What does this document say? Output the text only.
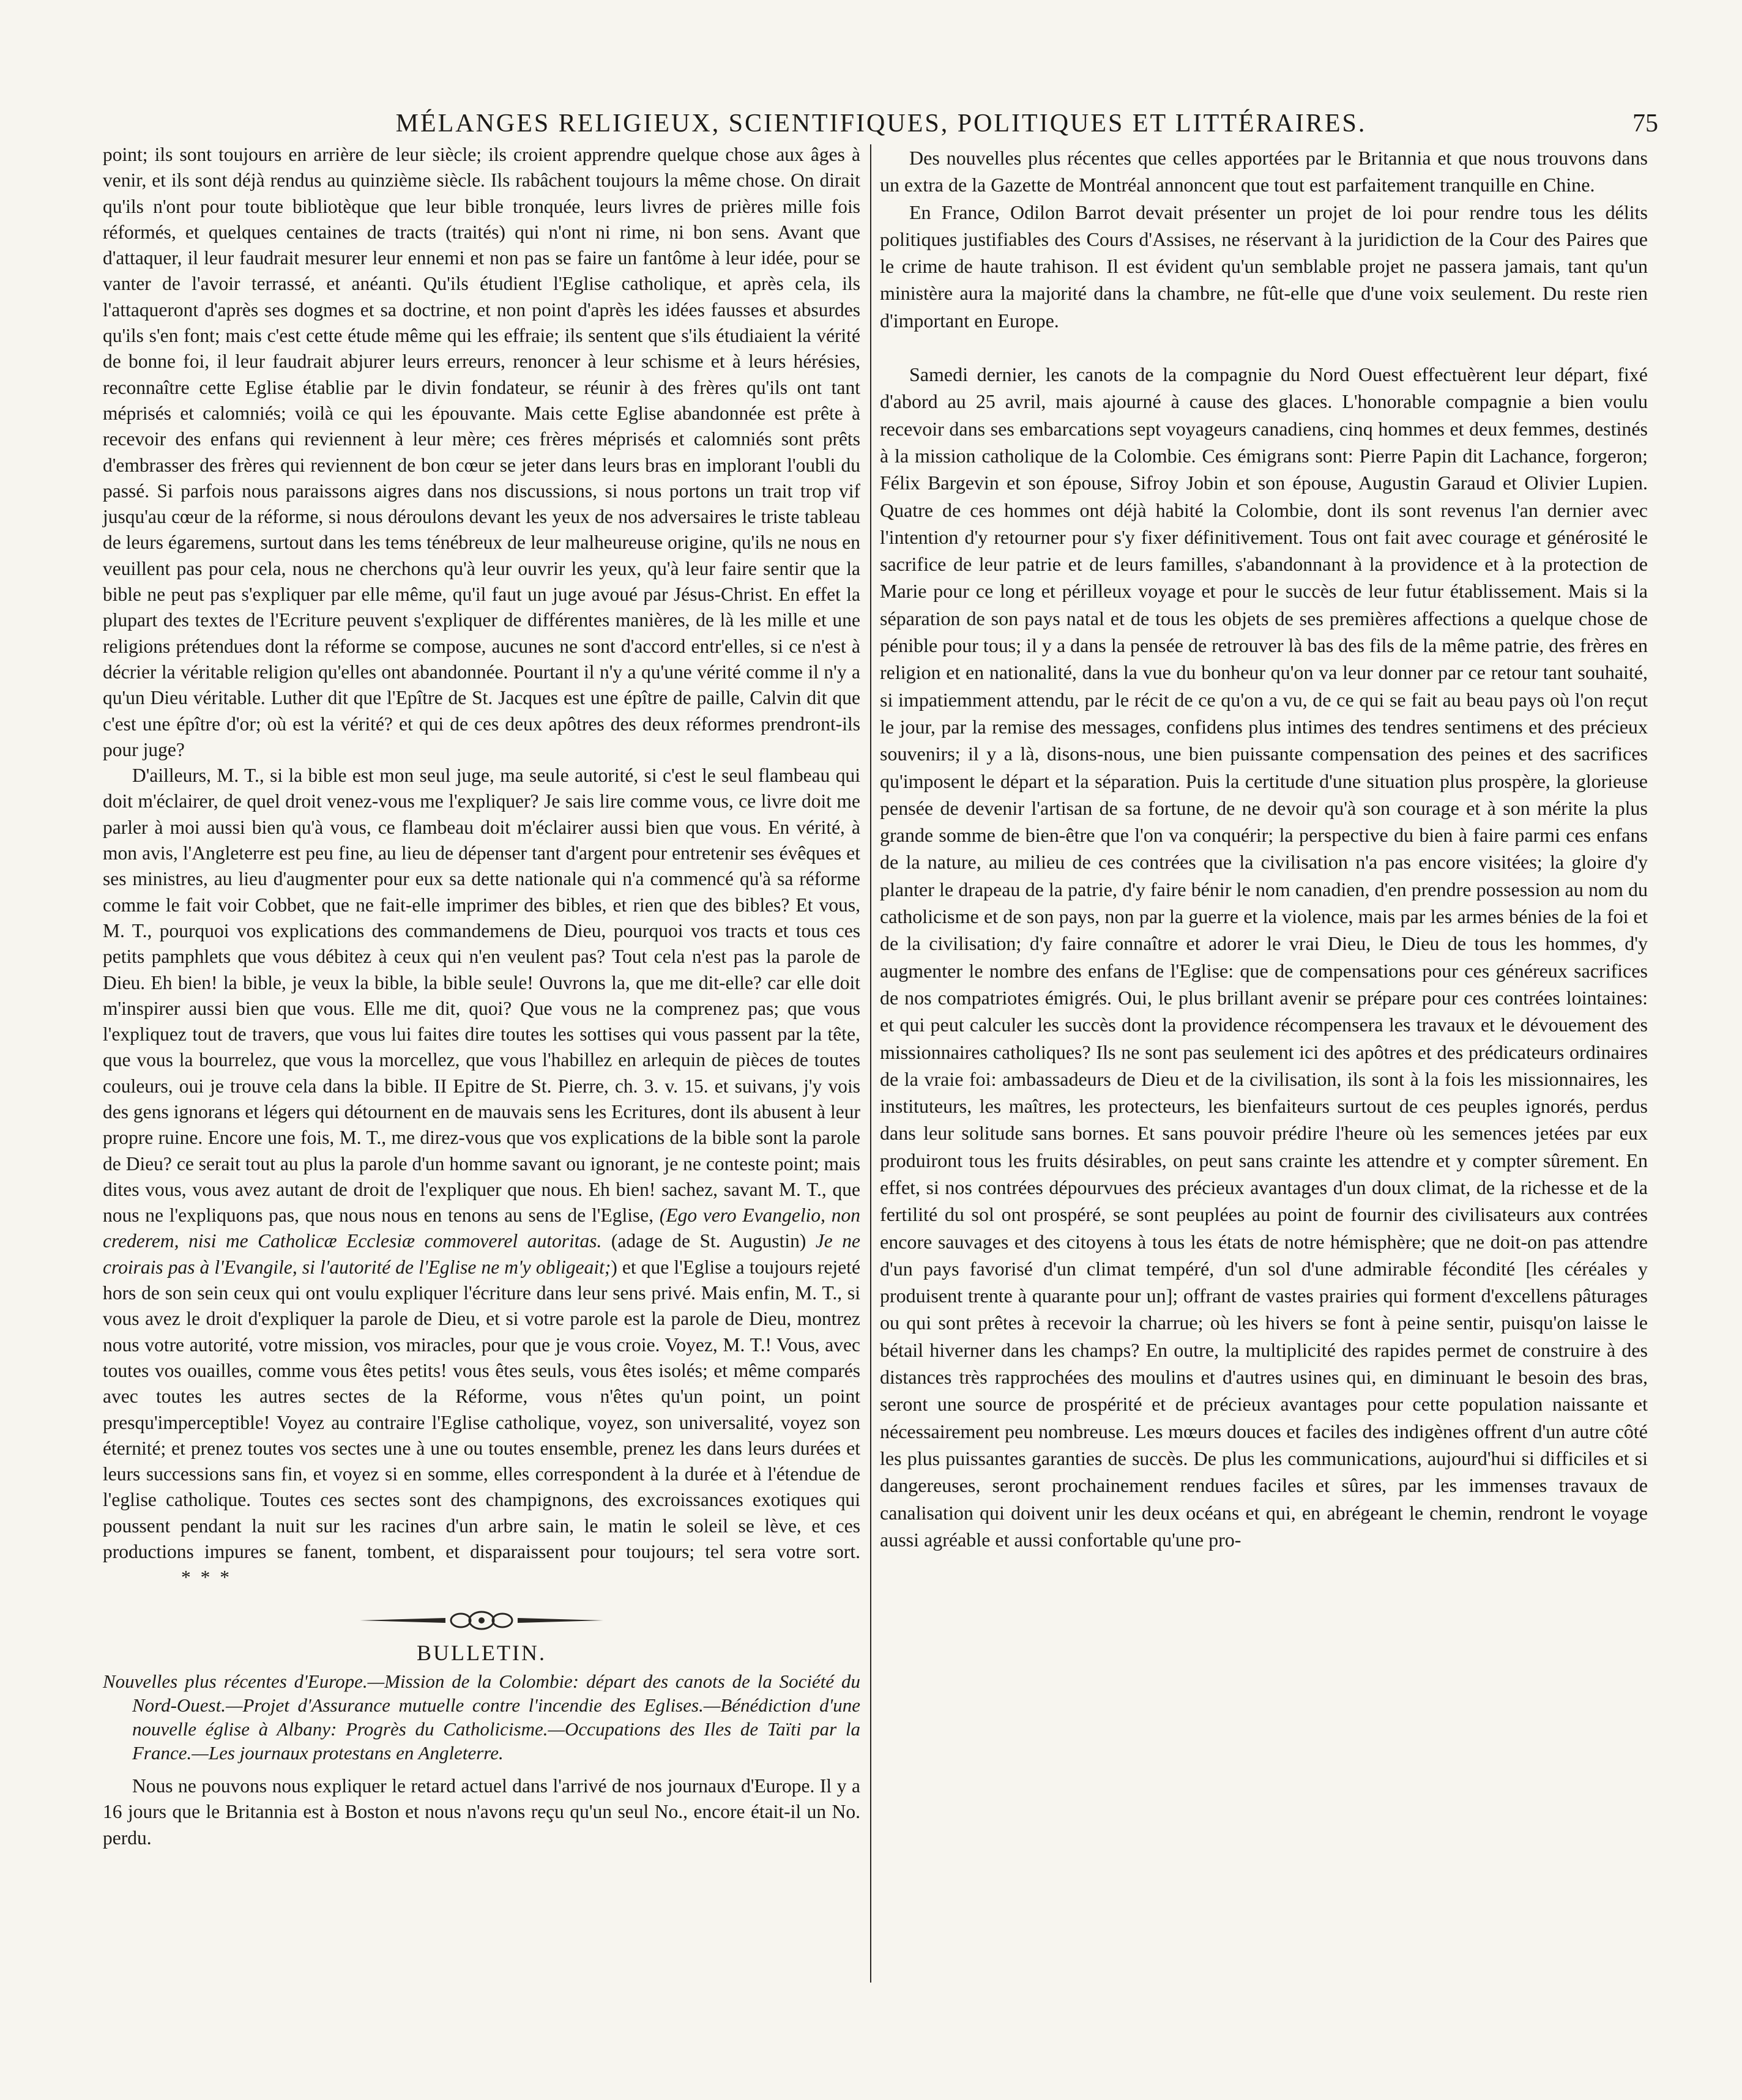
MÉLANGES RELIGIEUX, SCIENTIFIQUES, POLITIQUES ET LITTÉRAIRES.	75

point; ils sont toujours en arrière de leur siècle; ils croient apprendre quelque chose aux âges à venir, et ils sont déjà rendus au quinzième siècle. Ils rabâchent toujours la même chose. On dirait qu'ils n'ont pour toute bibliotèque que leur bible tronquée, leurs livres de prières mille fois réformés, et quelques centaines de tracts (traités) qui n'ont ni rime, ni bon sens. Avant que d'attaquer, il leur faudrait mesurer leur ennemi et non pas se faire un fantôme à leur idée, pour se vanter de l'avoir terrassé, et anéanti. Qu'ils étudient l'Eglise catholique, et après cela, ils l'attaqueront d'après ses dogmes et sa doctrine, et non point d'après les idées fausses et absurdes qu'ils s'en font; mais c'est cette étude même qui les effraie; ils sentent que s'ils étudiaient la vérité de bonne foi, il leur faudrait abjurer leurs erreurs, renoncer à leur schisme et à leurs hérésies, reconnaître cette Eglise établie par le divin fondateur, se réunir à des frères qu'ils ont tant méprisés et calomniés; voilà ce qui les épouvante. Mais cette Eglise abandonnée est prête à recevoir des enfans qui reviennent à leur mère; ces frères méprisés et calomniés sont prêts d'embrasser des frères qui reviennent de bon cœur se jeter dans leurs bras en implorant l'oubli du passé. Si parfois nous paraissons aigres dans nos discussions, si nous portons un trait trop vif jusqu'au cœur de la réforme, si nous déroulons devant les yeux de nos adversaires le triste tableau de leurs égaremens, surtout dans les tems ténébreux de leur malheureuse origine, qu'ils ne nous en veuillent pas pour cela, nous ne cherchons qu'à leur ouvrir les yeux, qu'à leur faire sentir que la bible ne peut pas s'expliquer par elle même, qu'il faut un juge avoué par Jésus-Christ. En effet la plupart des textes de l'Ecriture peuvent s'expliquer de différentes manières, de là les mille et une religions prétendues dont la réforme se compose, aucunes ne sont d'accord entr'elles, si ce n'est à décrier la véritable religion qu'elles ont abandonnée. Pourtant il n'y a qu'une vérité comme il n'y a qu'un Dieu véritable. Luther dit que l'Epître de St. Jacques est une épître de paille, Calvin dit que c'est une épître d'or; où est la vérité? et qui de ces deux apôtres des deux réformes prendront-ils pour juge?

D'ailleurs, M. T., si la bible est mon seul juge, ma seule autorité, si c'est le seul flambeau qui doit m'éclairer, de quel droit venez-vous me l'expliquer? Je sais lire comme vous, ce livre doit me parler à moi aussi bien qu'à vous, ce flambeau doit m'éclairer aussi bien que vous. En vérité, à mon avis, l'Angleterre est peu fine, au lieu de dépenser tant d'argent pour entretenir ses évêques et ses ministres, au lieu d'augmenter pour eux sa dette nationale qui n'a commencé qu'à sa réforme comme le fait voir Cobbet, que ne fait-elle imprimer des bibles, et rien que des bibles? Et vous, M. T., pourquoi vos explications des commandemens de Dieu, pourquoi vos tracts et tous ces petits pamphlets que vous débitez à ceux qui n'en veulent pas? Tout cela n'est pas la parole de Dieu. Eh bien! la bible, je veux la bible, la bible seule! Ouvrons la, que me dit-elle? car elle doit m'inspirer aussi bien que vous. Elle me dit, quoi? Que vous ne la comprenez pas; que vous l'expliquez tout de travers, que vous lui faites dire toutes les sottises qui vous passent par la tête, que vous la bourrelez, que vous la morcellez, que vous l'habillez en arlequin de pièces de toutes couleurs, oui je trouve cela dans la bible. II Epitre de St. Pierre, ch. 3. v. 15. et suivans, j'y vois des gens ignorans et légers qui détournent en de mauvais sens les Ecritures, dont ils abusent à leur propre ruine. Encore une fois, M. T., me direz-vous que vos explications de la bible sont la parole de Dieu? ce serait tout au plus la parole d'un homme savant ou ignorant, je ne conteste point; mais dites vous, vous avez autant de droit de l'expliquer que nous. Eh bien! sachez, savant M. T., que nous ne l'expliquons pas, que nous nous en tenons au sens de l'Eglise, (Ego vero Evangelio, non crederem, nisi me Catholicæ Ecclesiæ commoverel autoritas. (adage de St. Augustin) Je ne croirais pas à l'Evangile, si l'autorité de l'Eglise ne m'y obligeait;) et que l'Eglise a toujours rejeté hors de son sein ceux qui ont voulu expliquer l'écriture dans leur sens privé. Mais enfin, M. T., si vous avez le droit d'expliquer la parole de Dieu, et si votre parole est la parole de Dieu, montrez nous votre autorité, votre mission, vos miracles, pour que je vous croie. Voyez, M. T.! Vous, avec toutes vos ouailles, comme vous êtes petits! vous êtes seuls, vous êtes isolés; et même comparés avec toutes les autres sectes de la Réforme, vous n'êtes qu'un point, un point presqu'imperceptible! Voyez au contraire l'Eglise catholique, voyez, son universalité, voyez son éternité; et prenez toutes vos sectes une à une ou toutes ensemble, prenez les dans leurs durées et leurs successions sans fin, et voyez si en somme, elles correspondent à la durée et à l'étendue de l'eglise catholique. Toutes ces sectes sont des champignons, des excroissances exotiques qui poussent pendant la nuit sur les racines d'un arbre sain, le matin le soleil se lève, et ces productions impures se fanent, tombent, et disparaissent pour toujours; tel sera votre sort.* * *

BULLETIN.
Nouvelles plus récentes d'Europe.—Mission de la Colombie: départ des canots de la Société du Nord-Ouest.—Projet d'Assurance mutuelle contre l'incendie des Eglises.—Bénédiction d'une nouvelle église à Albany: Progrès du Catholicisme.—Occupations des Iles de Taïti par la France.—Les journaux protestans en Angleterre.

Nous ne pouvons nous expliquer le retard actuel dans l'arrivé de nos journaux d'Europe. Il y a 16 jours que le Britannia est à Boston et nous n'avons reçu qu'un seul No., encore était-il un No. perdu.

Des nouvelles plus récentes que celles apportées par le Britannia et que nous trouvons dans un extra de la Gazette de Montréal annoncent que tout est parfaitement tranquille en Chine.

En France, Odilon Barrot devait présenter un projet de loi pour rendre tous les délits politiques justifiables des Cours d'Assises, ne réservant à la juridiction de la Cour des Paires que le crime de haute trahison. Il est évident qu'un semblable projet ne passera jamais, tant qu'un ministère aura la majorité dans la chambre, ne fût-elle que d'une voix seulement. Du reste rien d'important en Europe.

Samedi dernier, les canots de la compagnie du Nord Ouest effectuèrent leur départ, fixé d'abord au 25 avril, mais ajourné à cause des glaces. L'honorable compagnie a bien voulu recevoir dans ses embarcations sept voyageurs canadiens, cinq hommes et deux femmes, destinés à la mission catholique de la Colombie. Ces émigrans sont: Pierre Papin dit Lachance, forgeron; Félix Bargevin et son épouse, Sifroy Jobin et son épouse, Augustin Garaud et Olivier Lupien. Quatre de ces hommes ont déjà habité la Colombie, dont ils sont revenus l'an dernier avec l'intention d'y retourner pour s'y fixer définitivement. Tous ont fait avec courage et générosité le sacrifice de leur patrie et de leurs familles, s'abandonnant à la providence et à la protection de Marie pour ce long et périlleux voyage et pour le succès de leur futur établissement. Mais si la séparation de son pays natal et de tous les objets de ses premières affections a quelque chose de pénible pour tous; il y a dans la pensée de retrouver là bas des fils de la même patrie, des frères en religion et en nationalité, dans la vue du bonheur qu'on va leur donner par ce retour tant souhaité, si impatiemment attendu, par le récit de ce qu'on a vu, de ce qui se fait au beau pays où l'on reçut le jour, par la remise des messages, confidens plus intimes des tendres sentimens et des précieux souvenirs; il y a là, disons-nous, une bien puissante compensation des peines et des sacrifices qu'imposent le départ et la séparation. Puis la certitude d'une situation plus prospère, la glorieuse pensée de devenir l'artisan de sa fortune, de ne devoir qu'à son courage et à son mérite la plus grande somme de bien-être que l'on va conquérir; la perspective du bien à faire parmi ces enfans de la nature, au milieu de ces contrées que la civilisation n'a pas encore visitées; la gloire d'y planter le drapeau de la patrie, d'y faire bénir le nom canadien, d'en prendre possession au nom du catholicisme et de son pays, non par la guerre et la violence, mais par les armes bénies de la foi et de la civilisation; d'y faire connaître et adorer le vrai Dieu, le Dieu de tous les hommes, d'y augmenter le nombre des enfans de l'Eglise: que de compensations pour ces généreux sacrifices de nos compatriotes émigrés. Oui, le plus brillant avenir se prépare pour ces contrées lointaines: et qui peut calculer les succès dont la providence récompensera les travaux et le dévouement des missionnaires catholiques? Ils ne sont pas seulement ici des apôtres et des prédicateurs ordinaires de la vraie foi: ambassadeurs de Dieu et de la civilisation, ils sont à la fois les missionnaires, les instituteurs, les maîtres, les protecteurs, les bienfaiteurs surtout de ces peuples ignorés, perdus dans leur solitude sans bornes. Et sans pouvoir prédire l'heure où les semences jetées par eux produiront tous les fruits désirables, on peut sans crainte les attendre et y compter sûrement. En effet, si nos contrées dépourvues des précieux avantages d'un doux climat, de la richesse et de la fertilité du sol ont prospéré, se sont peuplées au point de fournir des civilisateurs aux contrées encore sauvages et des citoyens à tous les états de notre hémisphère; que ne doit-on pas attendre d'un pays favorisé d'un climat tempéré, d'un sol d'une admirable fécondité [les céréales y produisent trente à quarante pour un]; offrant de vastes prairies qui forment d'excellens pâturages ou qui sont prêtes à recevoir la charrue; où les hivers se font à peine sentir, puisqu'on laisse le bétail hiverner dans les champs? En outre, la multiplicité des rapides permet de construire à des distances très rapprochées des moulins et d'autres usines qui, en diminuant le besoin des bras, seront une source de prospérité et de précieux avantages pour cette population naissante et nécessairement peu nombreuse. Les mœurs douces et faciles des indigènes offrent d'un autre côté les plus puissantes garanties de succès. De plus les communications, aujourd'hui si difficiles et si dangereuses, seront prochainement rendues faciles et sûres, par les immenses travaux de canalisation qui doivent unir les deux océans et qui, en abrégeant le chemin, rendront le voyage aussi agréable et aussi confortable qu'une pro-
